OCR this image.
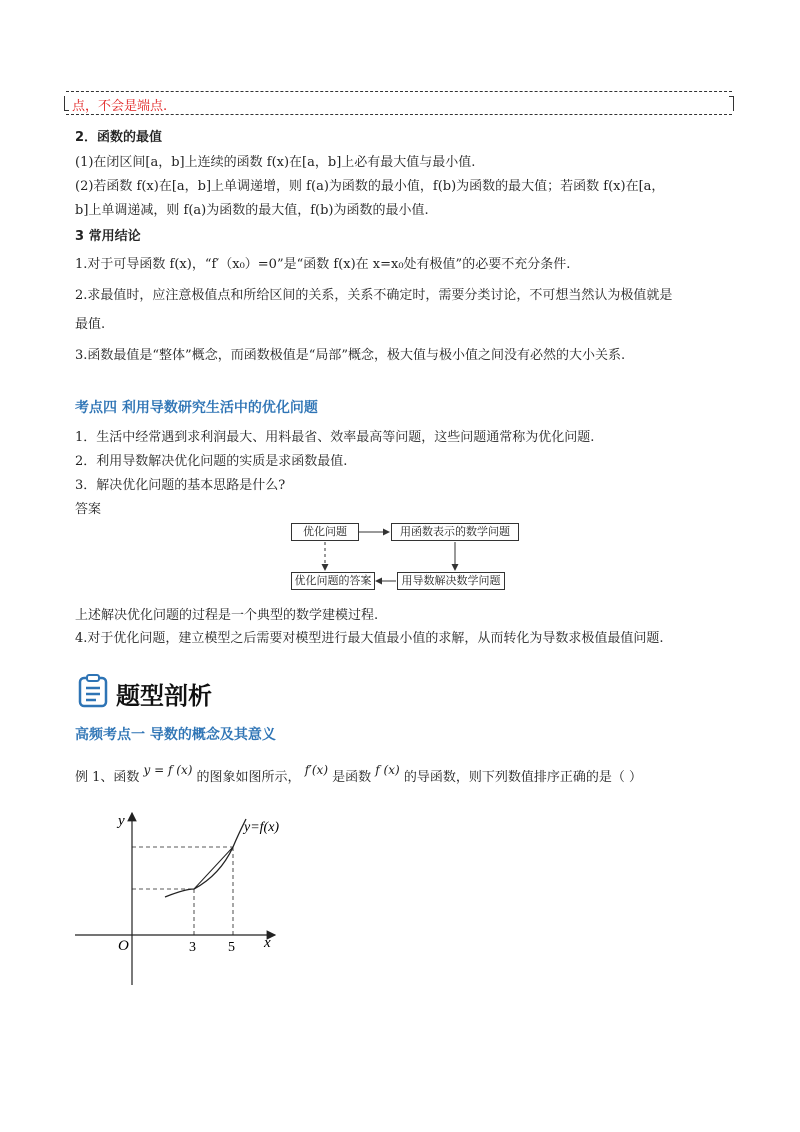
点，不会是端点.
2．函数的最值
(1)在闭区间[a，b]上连续的函数 f(x)在[a，b]上必有最大值与最小值.
(2)若函数 f(x)在[a，b]上单调递增，则 f(a)为函数的最小值，f(b)为函数的最大值；若函数 f(x)在[a，
b]上单调递减，则 f(a)为函数的最大值，f(b)为函数的最小值.
3 常用结论
1.对于可导函数 f(x)，“f′（x₀）=0”是“函数 f(x)在 x=x₀处有极值”的必要不充分条件.
2.求最值时，应注意极值点和所给区间的关系，关系不确定时，需要分类讨论，不可想当然认为极值就是
最值.
3.函数最值是“整体”概念，而函数极值是“局部”概念，极大值与极小值之间没有必然的大小关系.
考点四 利用导数研究生活中的优化问题
1．生活中经常遇到求利润最大、用料最省、效率最高等问题，这些问题通常称为优化问题.
2．利用导数解决优化问题的实质是求函数最值.
3．解决优化问题的基本思路是什么?
答案
优化问题	用函数表示的数学问题
用导数解决数学问题
优化问题的答案
上述解决优化问题的过程是一个典型的数学建模过程.
4.对于优化问题，建立模型之后需要对模型进行最大值最小值的求解，从而转化为导数求极值最值问题.
题型剖析
高频考点一 导数的概念及其意义
例 1、函数 y = f (x) 的图象如图所示， f′(x) 是函数 f (x) 的导函数，则下列数值排序正确的是（ ）
y
x
O	3 5
y=f(x)
